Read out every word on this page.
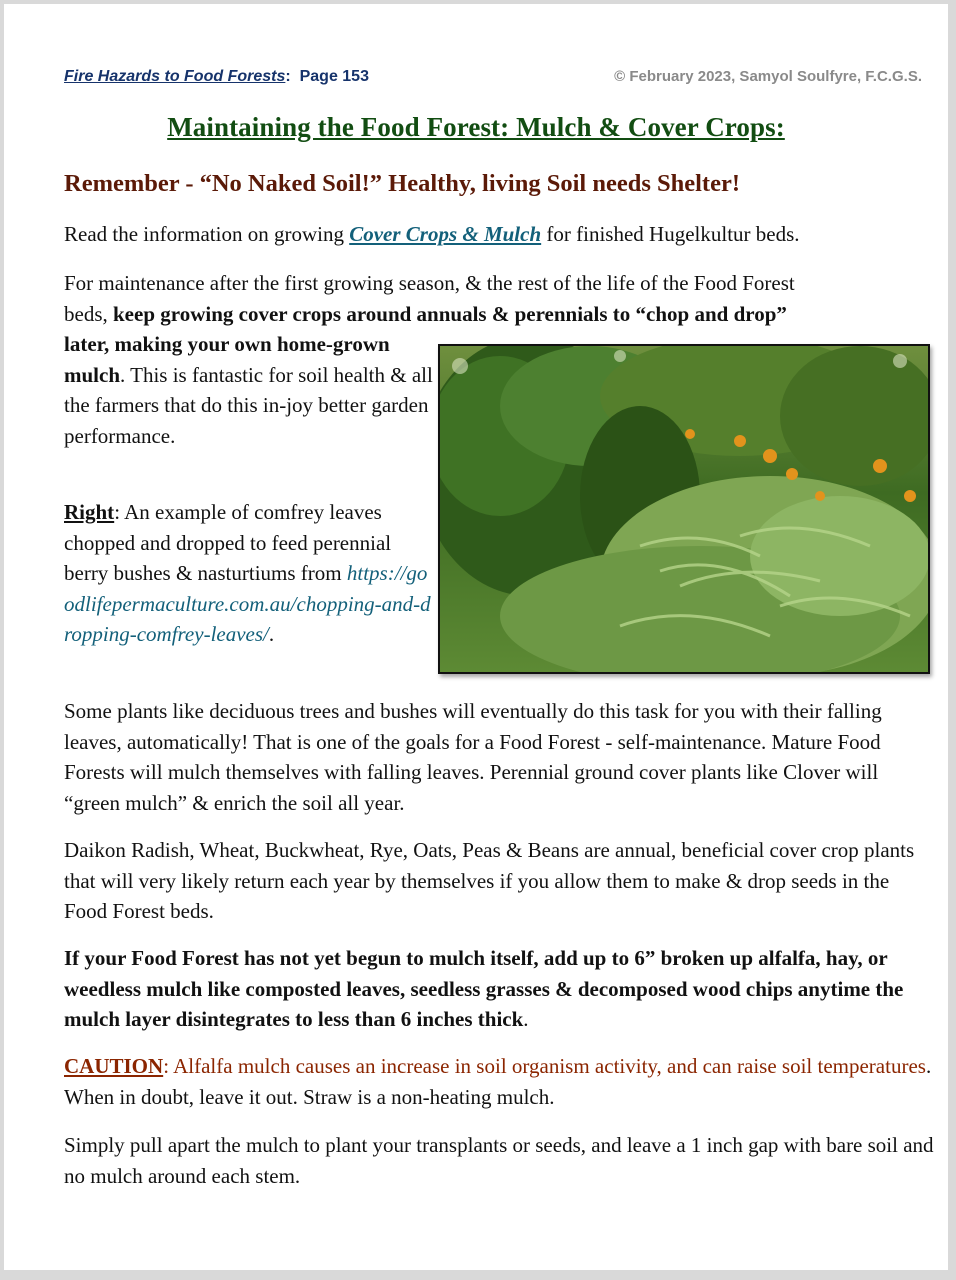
Fire Hazards to Food Forests:  Page 153	© February 2023, Samyol Soulfyre, F.C.G.S.
Maintaining the Food Forest: Mulch & Cover Crops:
Remember - “No Naked Soil!” Healthy, living Soil needs Shelter!
Read the information on growing Cover Crops & Mulch for finished Hugelkultur beds.
For maintenance after the first growing season, & the rest of the life of the Food Forest
beds, keep growing cover crops around annuals & perennials to “chop and drop”
later, making your own home-grown mulch. This is fantastic for soil health & all the farmers that do this in-joy better garden performance.
Right: An example of comfrey leaves chopped and dropped to feed perennial berry bushes & nasturtiums from https://goodlifepermaculture.com.au/chopping-and-dropping-comfrey-leaves/.
Some plants like deciduous trees and bushes will eventually do this task for you with their falling leaves, automatically! That is one of the goals for a Food Forest - self-maintenance. Mature Food Forests will mulch themselves with falling leaves. Perennial ground cover plants like Clover will “green mulch” & enrich the soil all year.
Daikon Radish, Wheat, Buckwheat, Rye, Oats, Peas & Beans are annual, beneficial cover crop plants that will very likely return each year by themselves if you allow them to make & drop seeds in the Food Forest beds.
If your Food Forest has not yet begun to mulch itself, add up to 6” broken up alfalfa, hay, or weedless mulch like composted leaves, seedless grasses & decomposed wood chips anytime the mulch layer disintegrates to less than 6 inches thick.
CAUTION: Alfalfa mulch causes an increase in soil organism activity, and can raise soil temperatures. When in doubt, leave it out. Straw is a non-heating mulch.
Simply pull apart the mulch to plant your transplants or seeds, and leave a 1 inch gap with bare soil and no mulch around each stem.
